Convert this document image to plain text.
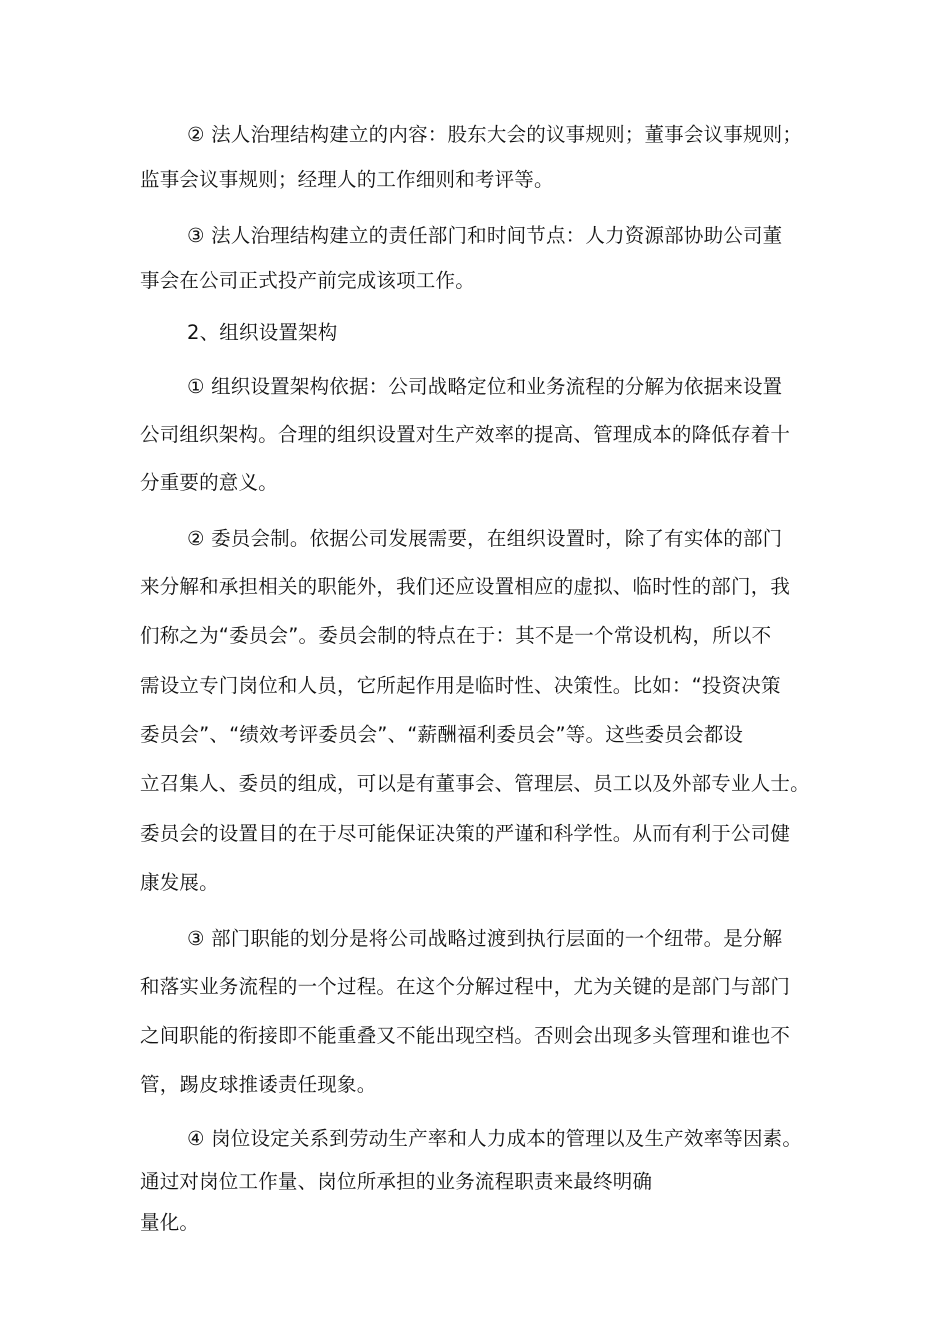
② 法人治理结构建立的内容：股东大会的议事规则；董事会议事规则；
监事会议事规则；经理人的工作细则和考评等。
③ 法人治理结构建立的责任部门和时间节点：人力资源部协助公司董
事会在公司正式投产前完成该项工作。
2、组织设置架构
① 组织设置架构依据：公司战略定位和业务流程的分解为依据来设置
公司组织架构。合理的组织设置对生产效率的提高、管理成本的降低存着十
分重要的意义。
② 委员会制。依据公司发展需要，在组织设置时，除了有实体的部门
来分解和承担相关的职能外，我们还应设置相应的虚拟、临时性的部门，我
们称之为“委员会”。委员会制的特点在于：其不是一个常设机构，所以不
需设立专门岗位和人员，它所起作用是临时性、决策性。比如：“投资决策
委员会”、“绩效考评委员会”、“薪酬福利委员会”等。这些委员会都设
立召集人、委员的组成，可以是有董事会、管理层、员工以及外部专业人士。
委员会的设置目的在于尽可能保证决策的严谨和科学性。从而有利于公司健
康发展。
③ 部门职能的划分是将公司战略过渡到执行层面的一个纽带。是分解
和落实业务流程的一个过程。在这个分解过程中，尤为关键的是部门与部门
之间职能的衔接即不能重叠又不能出现空档。否则会出现多头管理和谁也不
管，踢皮球推诿责任现象。
④ 岗位设定关系到劳动生产率和人力成本的管理以及生产效率等因素。
通过对岗位工作量、岗位所承担的业务流程职责来最终明确
量化。
